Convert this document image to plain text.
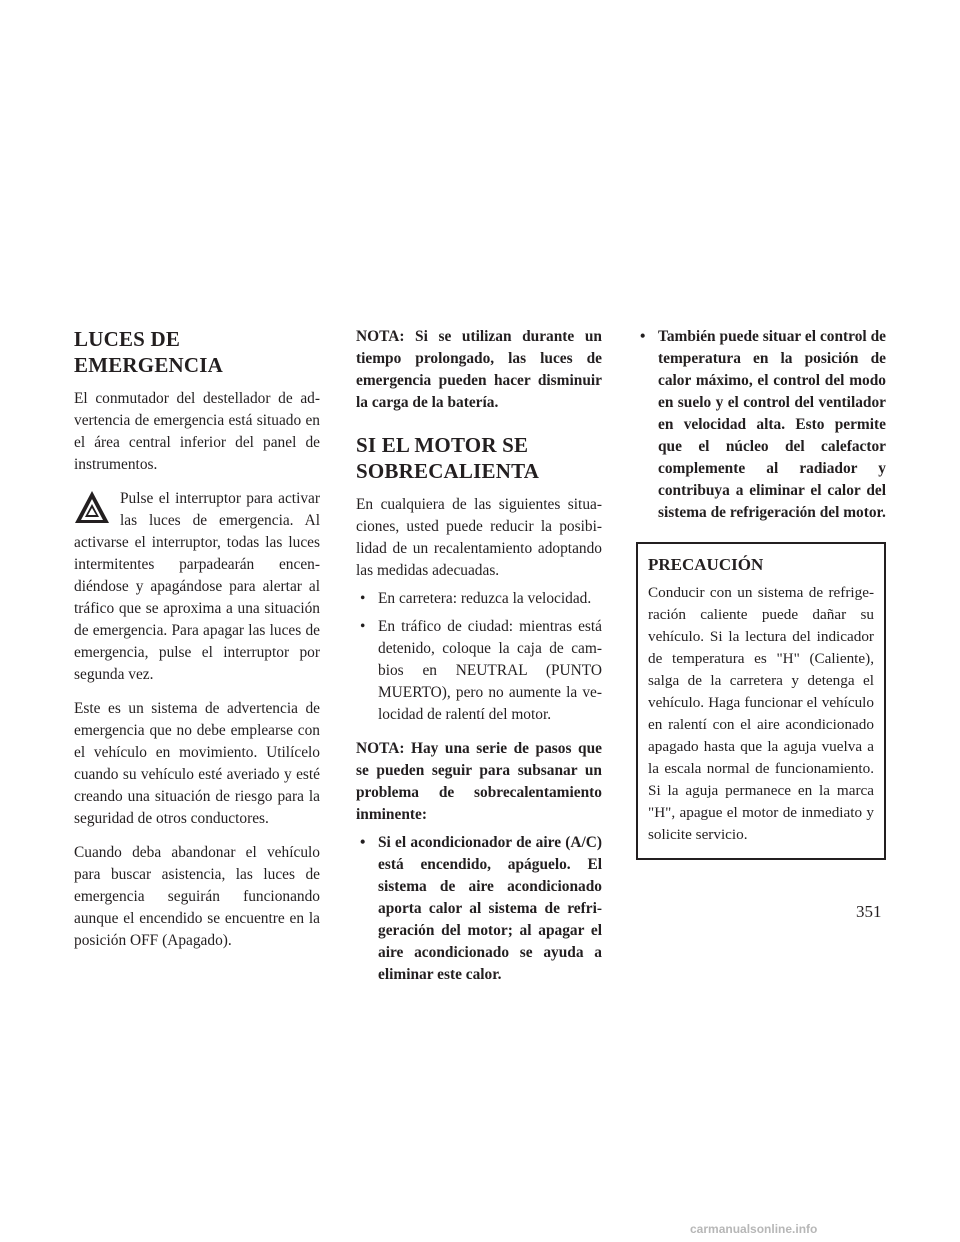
LUCES DE EMERGENCIA

El conmutador del destellador de advertencia de emergencia está situado en el área central inferior del panel de instrumentos.

Pulse el interruptor para activar las luces de emergencia. Al activarse el interruptor, todas las luces intermitentes parpadearán encendiéndose y apagándose para alertar al tráfico que se aproxima a una situación de emergencia. Para apagar las luces de emergencia, pulse el interruptor por segunda vez.

Este es un sistema de advertencia de emergencia que no debe emplearse con el vehículo en movimiento. Utilícelo cuando su vehículo esté averiado y esté creando una situación de riesgo para la seguridad de otros conductores.

Cuando deba abandonar el vehículo para buscar asistencia, las luces de emergencia seguirán funcionando aunque el encendido se encuentre en la posición OFF (Apagado).

NOTA: Si se utilizan durante un tiempo prolongado, las luces de emergencia pueden hacer disminuir la carga de la batería.

SI EL MOTOR SE SOBRECALIENTA

En cualquiera de las siguientes situaciones, usted puede reducir la posibilidad de un recalentamiento adoptando las medidas adecuadas.

• En carretera: reduzca la velocidad.
• En tráfico de ciudad: mientras está detenido, coloque la caja de cambios en NEUTRAL (PUNTO MUERTO), pero no aumente la velocidad de ralentí del motor.

NOTA: Hay una serie de pasos que se pueden seguir para subsanar un problema de sobrecalentamiento inminente:

• Si el acondicionador de aire (A/C) está encendido, apáguelo. El sistema de aire acondicionado aporta calor al sistema de refrigeración del motor; al apagar el aire acondicionado se ayuda a eliminar este calor.
• También puede situar el control de temperatura en la posición de calor máximo, el control del modo en suelo y el control del ventilador en velocidad alta. Esto permite que el núcleo del calefactor complemente al radiador y contribuya a eliminar el calor del sistema de refrigeración del motor.
PRECAUCIÓN

Conducir con un sistema de refrigeración caliente puede dañar su vehículo. Si la lectura del indicador de temperatura es "H" (Caliente), salga de la carretera y detenga el vehículo. Haga funcionar el vehículo en ralentí con el aire acondicionado apagado hasta que la aguja vuelva a la escala normal de funcionamiento. Si la aguja permanece en la marca "H", apague el motor de inmediato y solicite servicio.

351
carmanualsonline.info
